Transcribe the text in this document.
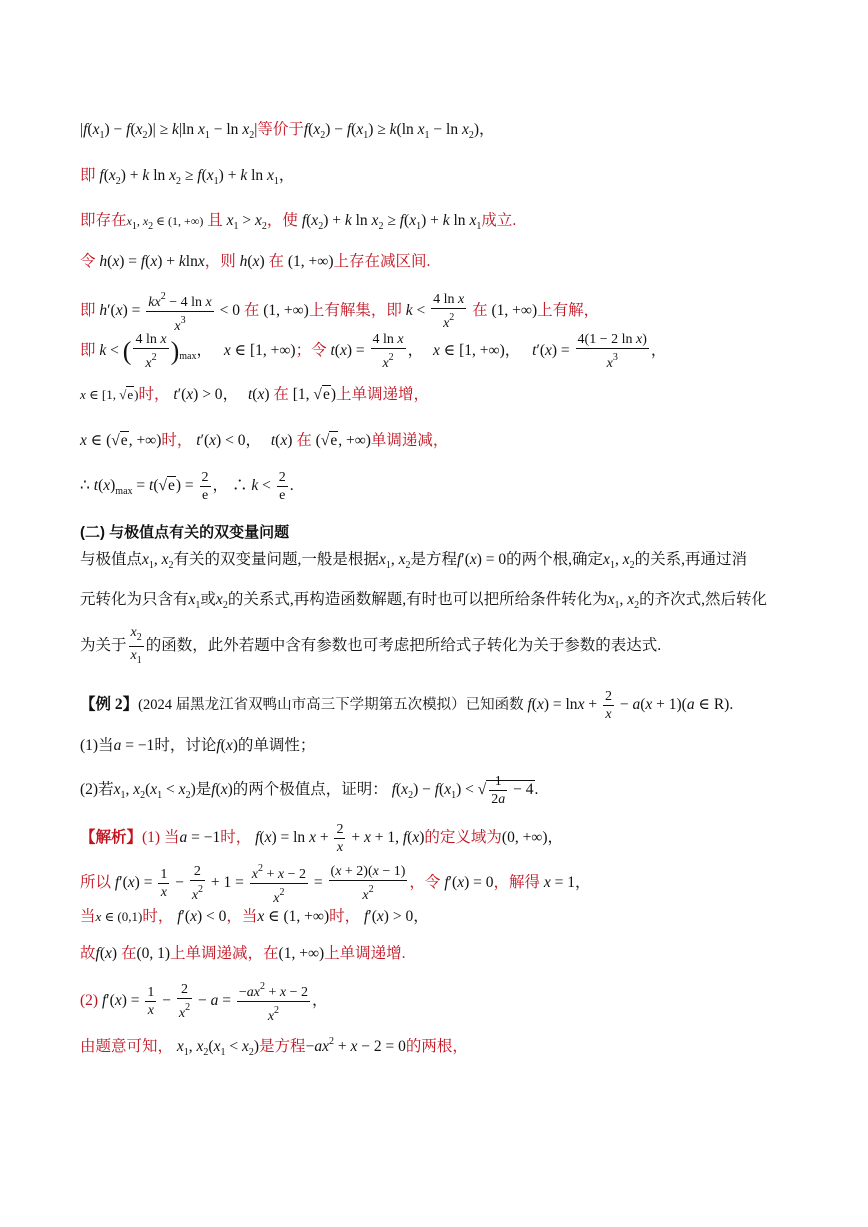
$|f(x_1) - f(x_2)| \ge k|\ln$ $x_1 - \ln x_2|$等价于$f(x_2) - f(x_1) \ge k(\ln$ $x_1 - \ln x_2$)，
即 $f(x_2) + k$ $\ln x_2 \ge f(x_1) + k$ $\ln x_1$，
即存在$x_1$, $x_2$ ∈ (1, +∞) 且 $x_1 > x_2$，使 $f(x_2) + k$ $\ln x_2 \ge f(x_1) + k$ $\ln x_1$成立.
令 h(x) = f(x) + klnx，则 h(x) 在 (1, +∞)上存在减区间.
即 $h'(x) = \frac{kx^2 - 4 \ln x}{x^3} < 0$ 在 (1, +∞)上有解集，即 $k < \frac{\text{4 ln x}}{x^2}$ 在 (1, +∞)上有解，
即 k < ( $\frac{\text{4 ln x}}{x^2} )_{max}$， x ∈ [1, +∞)；令 $t(x) = \frac{\text{4 ln x}}{x^2}$ ， x ∈ [1, +∞)， $t'(x) = \frac{\text{4(1 − 2 ln x)}}{x^3}$ ，
x ∈ [1, √e)时， t′(x) > 0， t(x) 在 [1, √e)上单调递增，
x ∈ (√e, +∞)时， t′(x) < 0， t(x) 在 (√e, +∞)单调递减，
∴ $t(x)_{max} = t(√e) = \frac{2}{e}$ ， ∴ $k < \frac{2}{e}$ .
(二) 与极值点有关的双变量问题
与极值点$x_1$, $x_2$有关的双变量问题,一般是根据$x_1$, $x_2$是方程f′(x) = 0的两个根,确定$x_1$, $x_2$的关系,再通过消
元转化为只含有$x_1$或$x_2$的关系式,再构造函数解题,有时也可以把所给条件转化为$x_1$, $x_2$的齐次式,然后转化
为关于 $\frac{x_2}{x_1}$ 的函数，此外若题中含有参数也可考虑把所给式子转化为关于参数的表达式.
【例 2】(2024 届黑龙江省双鸭山市高三下学期第五次模拟）已知函数 $f(x) = \ln x + \frac{2}{x} - a(x + 1)(a$ ∈ R).
(1)当a = −1时，讨论f(x)的单调性；
(2)若$x_1$, $x_2(x_1 < x_2)$是f(x)的两个极值点，证明： $f(x_2) - f(x_1)$ < √ $\frac{1}{2a} - 4$.
【解析】(1) 当a = −1时， $f(x) = \ln x + \frac{2}{x} + x + 1$, f(x)的定义域为(0, +∞)，
所以 $f'(x) = \frac{1}{x} - \frac{2}{x^2} + 1 = \frac{x^2 + x - 2}{x^2} = \frac{(x + 2)(x - 1)}{x^2}$ ，令 f′(x) = 0，解得 x = 1，
当x ∈ (0,1)时， f′(x) < 0，当x ∈ (1, +∞)时， f′(x) > 0，
故f(x) 在(0, 1)上单调递减，在(1, +∞)上单调递增.
(2) $f'(x) = \frac{1}{x} - \frac{2}{x^2} - a = \frac{-ax^2 + x - 2}{x^2}$ ，
由题意可知， $x_1$, $x_2(x_1 < x_2)$是方程$-ax^2 + x - 2 = 0$的两根，
